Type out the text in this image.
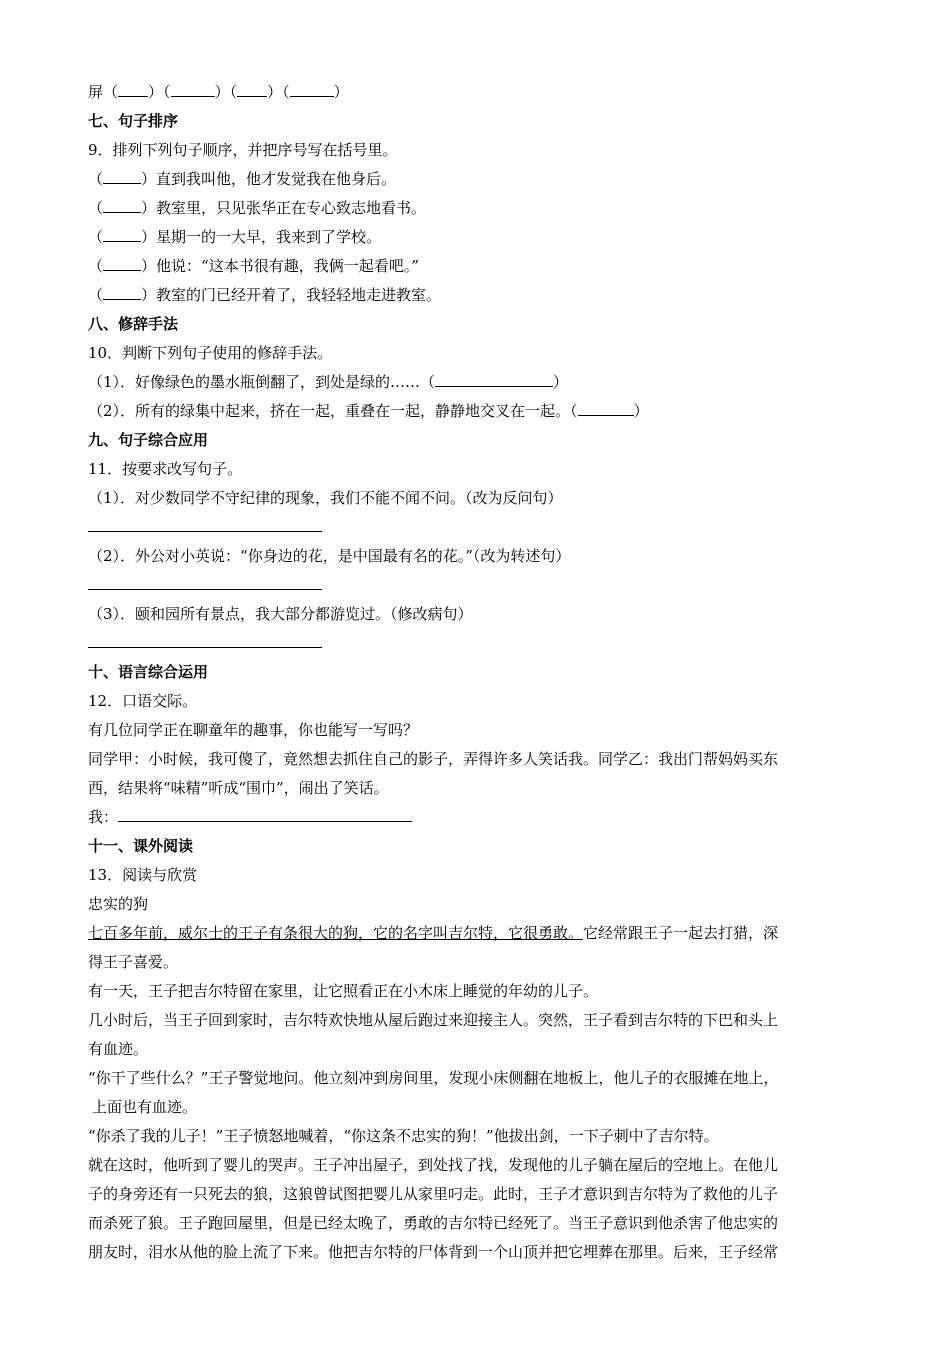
屏（ ）（	）（ ）（	）
七、句子排序
9．排列下列句子顺序，并把序号写在括号里。
（	）直到我叫他，他才发觉我在他身后。
（	）教室里，只见张华正在专心致志地看书。
（	）星期一的一大早，我来到了学校。
（	）他说：“这本书很有趣，我俩一起看吧。”
（	）教室的门已经开着了，我轻轻地走进教室。
八、修辞手法
10．判断下列句子使用的修辞手法。
（1）．好像绿色的墨水瓶倒翻了，到处是绿的……（	）
（2）．所有的绿集中起来，挤在一起，重叠在一起，静静地交叉在一起。（	）
九、句子综合应用
11．按要求改写句子。
（1）．对少数同学不守纪律的现象，我们不能不闻不问。（改为反问句）
（2）．外公对小英说：“你身边的花，是中国最有名的花。”（改为转述句）
（3）．颐和园所有景点，我大部分都游览过。（修改病句）
十、语言综合运用
12．口语交际。
有几位同学正在聊童年的趣事，你也能写一写吗？
同学甲：小时候，我可傻了，竟然想去抓住自己的影子，弄得许多人笑话我。同学乙：我出门帮妈妈买东
西，结果将“味精”听成“围巾”，闹出了笑话。
我：
十一、课外阅读
13．阅读与欣赏
忠实的狗
七百多年前，威尔士的王子有条很大的狗，它的名字叫吉尔特，它很勇敢。它经常跟王子一起去打猎，深
得王子喜爱。
有一天，王子把吉尔特留在家里，让它照看正在小木床上睡觉的年幼的儿子。
几小时后，当王子回到家时，吉尔特欢快地从屋后跑过来迎接主人。突然，王子看到吉尔特的下巴和头上
有血迹。
“你干了些什么？”王子警觉地问。他立刻冲到房间里，发现小床侧翻在地板上，他儿子的衣服摊在地上，
上面也有血迹。
“你杀了我的儿子！”王子愤怒地喊着，“你这条不忠实的狗！”他拔出剑，一下子刺中了吉尔特。
就在这时，他听到了婴儿的哭声。王子冲出屋子，到处找了找，发现他的儿子躺在屋后的空地上。在他儿
子的身旁还有一只死去的狼，这狼曾试图把婴儿从家里叼走。此时，王子才意识到吉尔特为了救他的儿子
而杀死了狼。王子跑回屋里，但是已经太晚了，勇敢的吉尔特已经死了。当王子意识到他杀害了他忠实的
朋友时，泪水从他的脸上流了下来。他把吉尔特的尸体背到一个山顶并把它埋葬在那里。后来，王子经常
